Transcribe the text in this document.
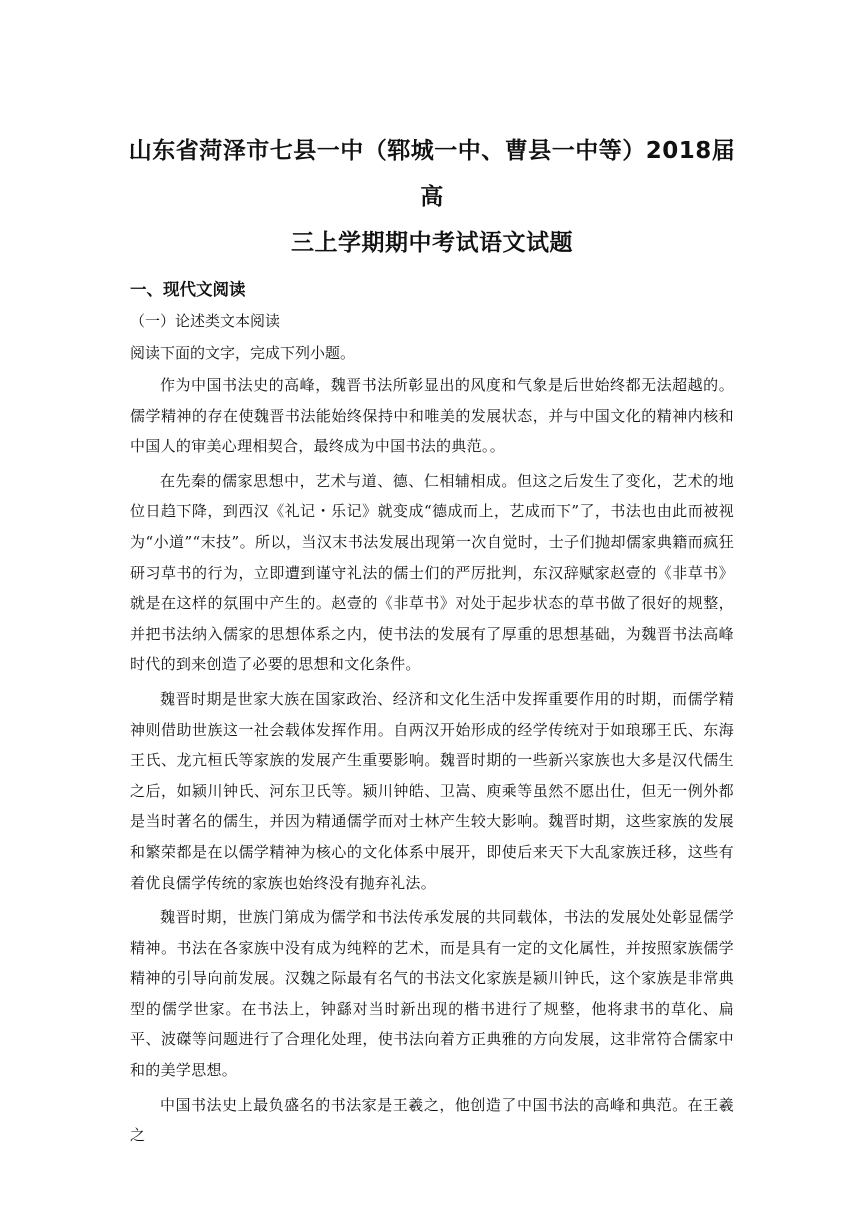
山东省菏泽市七县一中（郓城一中、曹县一中等）2018届高
三上学期期中考试语文试题
一、现代文阅读
（一）论述类文本阅读
阅读下面的文字，完成下列小题。

作为中国书法史的高峰，魏晋书法所彰显出的风度和气象是后世始终都无法超越的。儒学精神的存在使魏晋书法能始终保持中和唯美的发展状态，并与中国文化的精神内核和中国人的审美心理相契合，最终成为中国书法的典范。。

在先秦的儒家思想中，艺术与道、德、仁相辅相成。但这之后发生了变化，艺术的地位日趋下降，到西汉《礼记・乐记》就变成“德成而上，艺成而下”了，书法也由此而被视为“小道”“末技”。所以，当汉末书法发展出现第一次自觉时，士子们抛却儒家典籍而疯狂研习草书的行为，立即遭到谨守礼法的儒士们的严厉批判，东汉辞赋家赵壹的《非草书》就是在这样的氛围中产生的。赵壹的《非草书》对处于起步状态的草书做了很好的规整，并把书法纳入儒家的思想体系之内，使书法的发展有了厚重的思想基础，为魏晋书法高峰时代的到来创造了必要的思想和文化条件。

魏晋时期是世家大族在国家政治、经济和文化生活中发挥重要作用的时期，而儒学精神则借助世族这一社会载体发挥作用。自两汉开始形成的经学传统对于如琅琊王氏、东海王氏、龙亢桓氏等家族的发展产生重要影响。魏晋时期的一些新兴家族也大多是汉代儒生之后，如颍川钟氏、河东卫氏等。颍川钟皓、卫嵩、庾乘等虽然不愿出仕，但无一例外都是当时著名的儒生，并因为精通儒学而对士林产生较大影响。魏晋时期，这些家族的发展和繁荣都是在以儒学精神为核心的文化体系中展开，即使后来天下大乱家族迁移，这些有着优良儒学传统的家族也始终没有抛弃礼法。

魏晋时期，世族门第成为儒学和书法传承发展的共同载体，书法的发展处处彰显儒学精神。书法在各家族中没有成为纯粹的艺术，而是具有一定的文化属性，并按照家族儒学精神的引导向前发展。汉魏之际最有名气的书法文化家族是颍川钟氏，这个家族是非常典型的儒学世家。在书法上，钟繇对当时新出现的楷书进行了规整，他将隶书的草化、扁平、波磔等问题进行了合理化处理，使书法向着方正典雅的方向发展，这非常符合儒家中和的美学思想。

中国书法史上最负盛名的书法家是王羲之，他创造了中国书法的高峰和典范。在王羲之
